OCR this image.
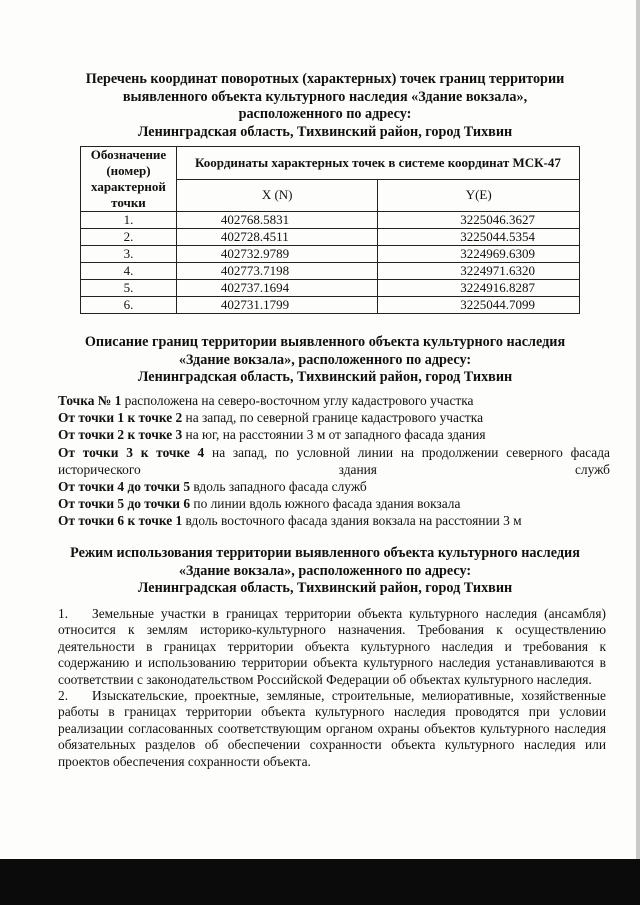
Перечень координат поворотных (характерных) точек границ территории
выявленного объекта культурного наследия «Здание вокзала»,
расположенного по адресу:
Ленинградская область, Тихвинский район, город Тихвин
Обозначение (номер) характерной точки	Координаты характерных точек в системе координат МСК-47	
	X (N)	Y(E)
1.	402768.5831	3225046.3627
2.	402728.4511	3225044.5354
3.	402732.9789	3224969.6309
4.	402773.7198	3224971.6320
5.	402737.1694	3224916.8287
6.	402731.1799	3225044.7099
Описание границ территории выявленного объекта культурного наследия
«Здание вокзала», расположенного по адресу:
Ленинградская область, Тихвинский район, город Тихвин

Точка № 1 расположена на северо-восточном углу кадастрового участка

От точки 1 к точке 2 на запад, по северной границе кадастрового участка

От точки 2 к точке 3 на юг, на расстоянии 3 м от западного фасада здания

От точки 3 к точке 4 на запад, по условной линии на продолжении северного фасада исторического здания служб

От точки 4 до точки 5 вдоль западного фасада служб

От точки 5 до точки 6 по линии вдоль южного фасада здания вокзала

От точки 6 к точке 1 вдоль восточного фасада здания вокзала на расстоянии 3 м

Режим использования территории выявленного объекта культурного наследия
«Здание вокзала», расположенного по адресу:
Ленинградская область, Тихвинский район, город Тихвин

1. Земельные участки в границах территории объекта культурного наследия (ансамбля) относится к землям историко-культурного назначения. Требования к осуществлению деятельности в границах территории объекта культурного наследия и требования к содержанию и использованию территории объекта культурного наследия устанавливаются в соответствии с законодательством Российской Федерации об объектах культурного наследия.

2. Изыскательские, проектные, земляные, строительные, мелиоративные, хозяйственные работы в границах территории объекта культурного наследия проводятся при условии реализации согласованных соответствующим органом охраны объектов культурного наследия обязательных разделов об обеспечении сохранности объекта культурного наследия или проектов обеспечения сохранности объекта.
